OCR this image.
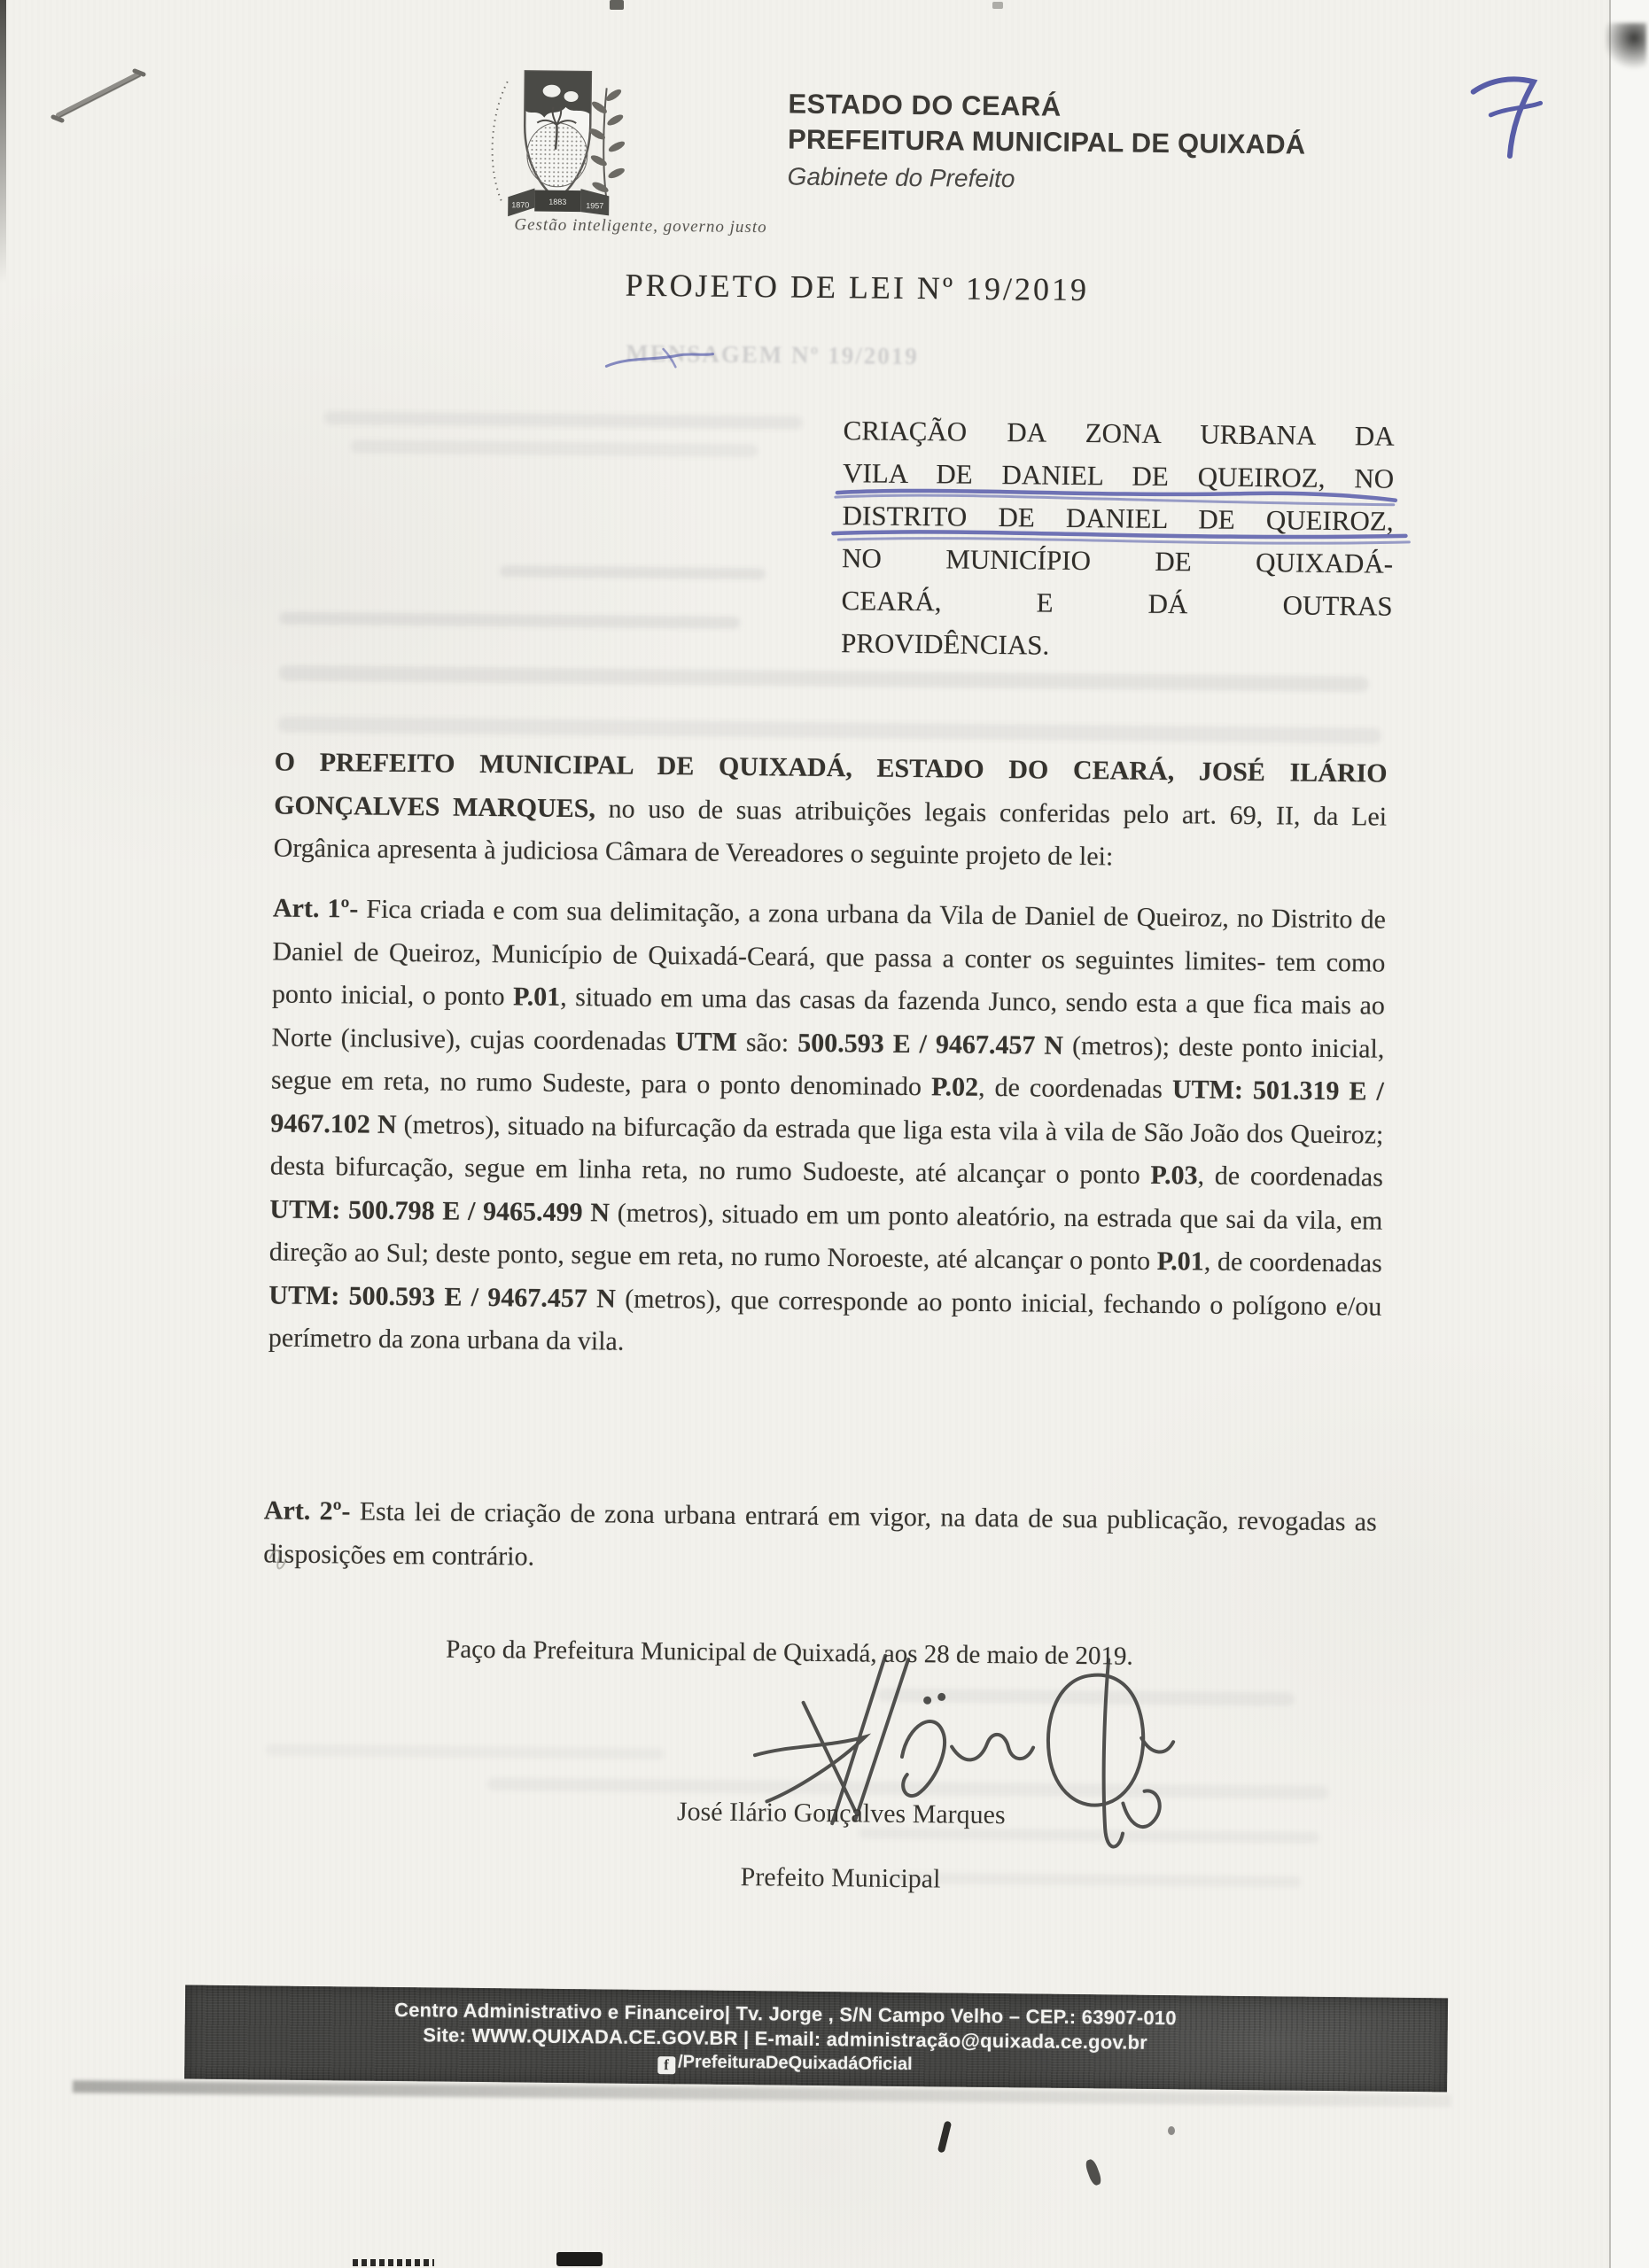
MENSAGEM Nº 19/2019
1870 1883 1957
ESTADO DO CEARÁ
PREFEITURA MUNICIPAL DE QUIXADÁ
Gabinete do Prefeito
Gestão inteligente, governo justo
PROJETO DE LEI Nº 19/2019
CRIAÇÃO DA ZONA URBANA DA
VILA DE DANIEL DE QUEIROZ, NO
DISTRITO DE DANIEL DE QUEIROZ,
NO MUNICÍPIO DE QUIXADÁ-
CEARÁ, E DÁ OUTRAS
PROVIDÊNCIAS.
O PREFEITO MUNICIPAL DE QUIXADÁ, ESTADO DO CEARÁ, JOSÉ ILÁRIO GONÇALVES MARQUES, no uso de suas atribuições legais conferidas pelo art. 69, II, da Lei Orgânica apresenta à judiciosa Câmara de Vereadores o seguinte projeto de lei:
Art. 1º- Fica criada e com sua delimitação, a zona urbana da Vila de Daniel de Queiroz, no Distrito de Daniel de Queiroz, Município de Quixadá-Ceará, que passa a conter os seguintes limites- tem como ponto inicial, o ponto P.01, situado em uma das casas da fazenda Junco, sendo esta a que fica mais ao Norte (inclusive), cujas coordenadas UTM são: 500.593 E / 9467.457 N (metros); deste ponto inicial, segue em reta, no rumo Sudeste, para o ponto denominado P.02, de coordenadas UTM: 501.319 E / 9467.102 N (metros), situado na bifurcação da estrada que liga esta vila à vila de São João dos Queiroz; desta bifurcação, segue em linha reta, no rumo Sudoeste, até alcançar o ponto P.03, de coordenadas UTM: 500.798 E / 9465.499 N (metros), situado em um ponto aleatório, na estrada que sai da vila, em direção ao Sul; deste ponto, segue em reta, no rumo Noroeste, até alcançar o ponto P.01, de coordenadas UTM: 500.593 E / 9467.457 N (metros), que corresponde ao ponto inicial, fechando o polígono e/ou perímetro da zona urbana da vila.
Art. 2º- Esta lei de criação de zona urbana entrará em vigor, na data de sua publicação, revogadas as disposições em contrário.
Paço da Prefeitura Municipal de Quixadá, aos 28 de maio de 2019.
José Ilário Gonçalves Marques
Prefeito Municipal
Centro Administrativo e Financeiro| Tv. Jorge , S/N Campo Velho – CEP.: 63907-010
Site: WWW.QUIXADA.CE.GOV.BR | E-mail: administração@quixada.ce.gov.br
f /PrefeituraDeQuixadáOficial
